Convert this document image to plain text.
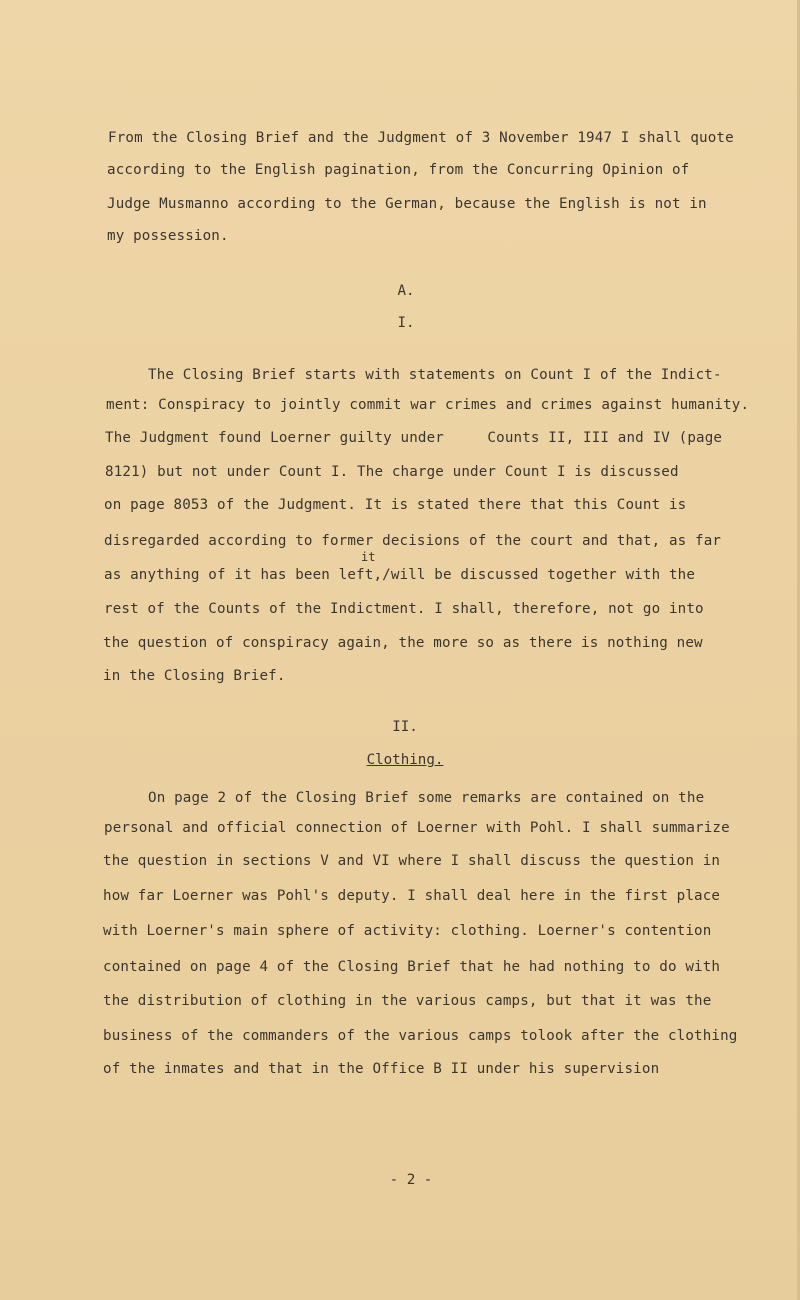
From the Closing Brief and the Judgment of 3 November 1947 I shall quote
according to the English pagination, from the Concurring Opinion of
Judge Musmanno according to the German, because the English is not in
my possession.
A.
I.
The Closing Brief starts with statements on Count I of the Indict-
ment: Conspiracy to jointly commit war crimes and crimes against humanity.
The Judgment found Loerner guilty under     Counts II, III and IV (page
8121) but not under Count I. The charge under Count I is discussed
on page 8053 of the Judgment. It is stated there that this Count is
disregarded according to former decisions of the court and that, as far
it
as anything of it has been left,/will be discussed together with the
rest of the Counts of the Indictment. I shall, therefore, not go into
the question of conspiracy again, the more so as there is nothing new
in the Closing Brief.
II.
Clothing.
On page 2 of the Closing Brief some remarks are contained on the
personal and official connection of Loerner with Pohl. I shall summarize
the question in sections V and VI where I shall discuss the question in
how far Loerner was Pohl's deputy. I shall deal here in the first place
with Loerner's main sphere of activity: clothing. Loerner's contention
contained on page 4 of the Closing Brief that he had nothing to do with
the distribution of clothing in the various camps, but that it was the
business of the commanders of the various camps tolook after the clothing
of the inmates and that in the Office B II under his supervision
- 2 -
